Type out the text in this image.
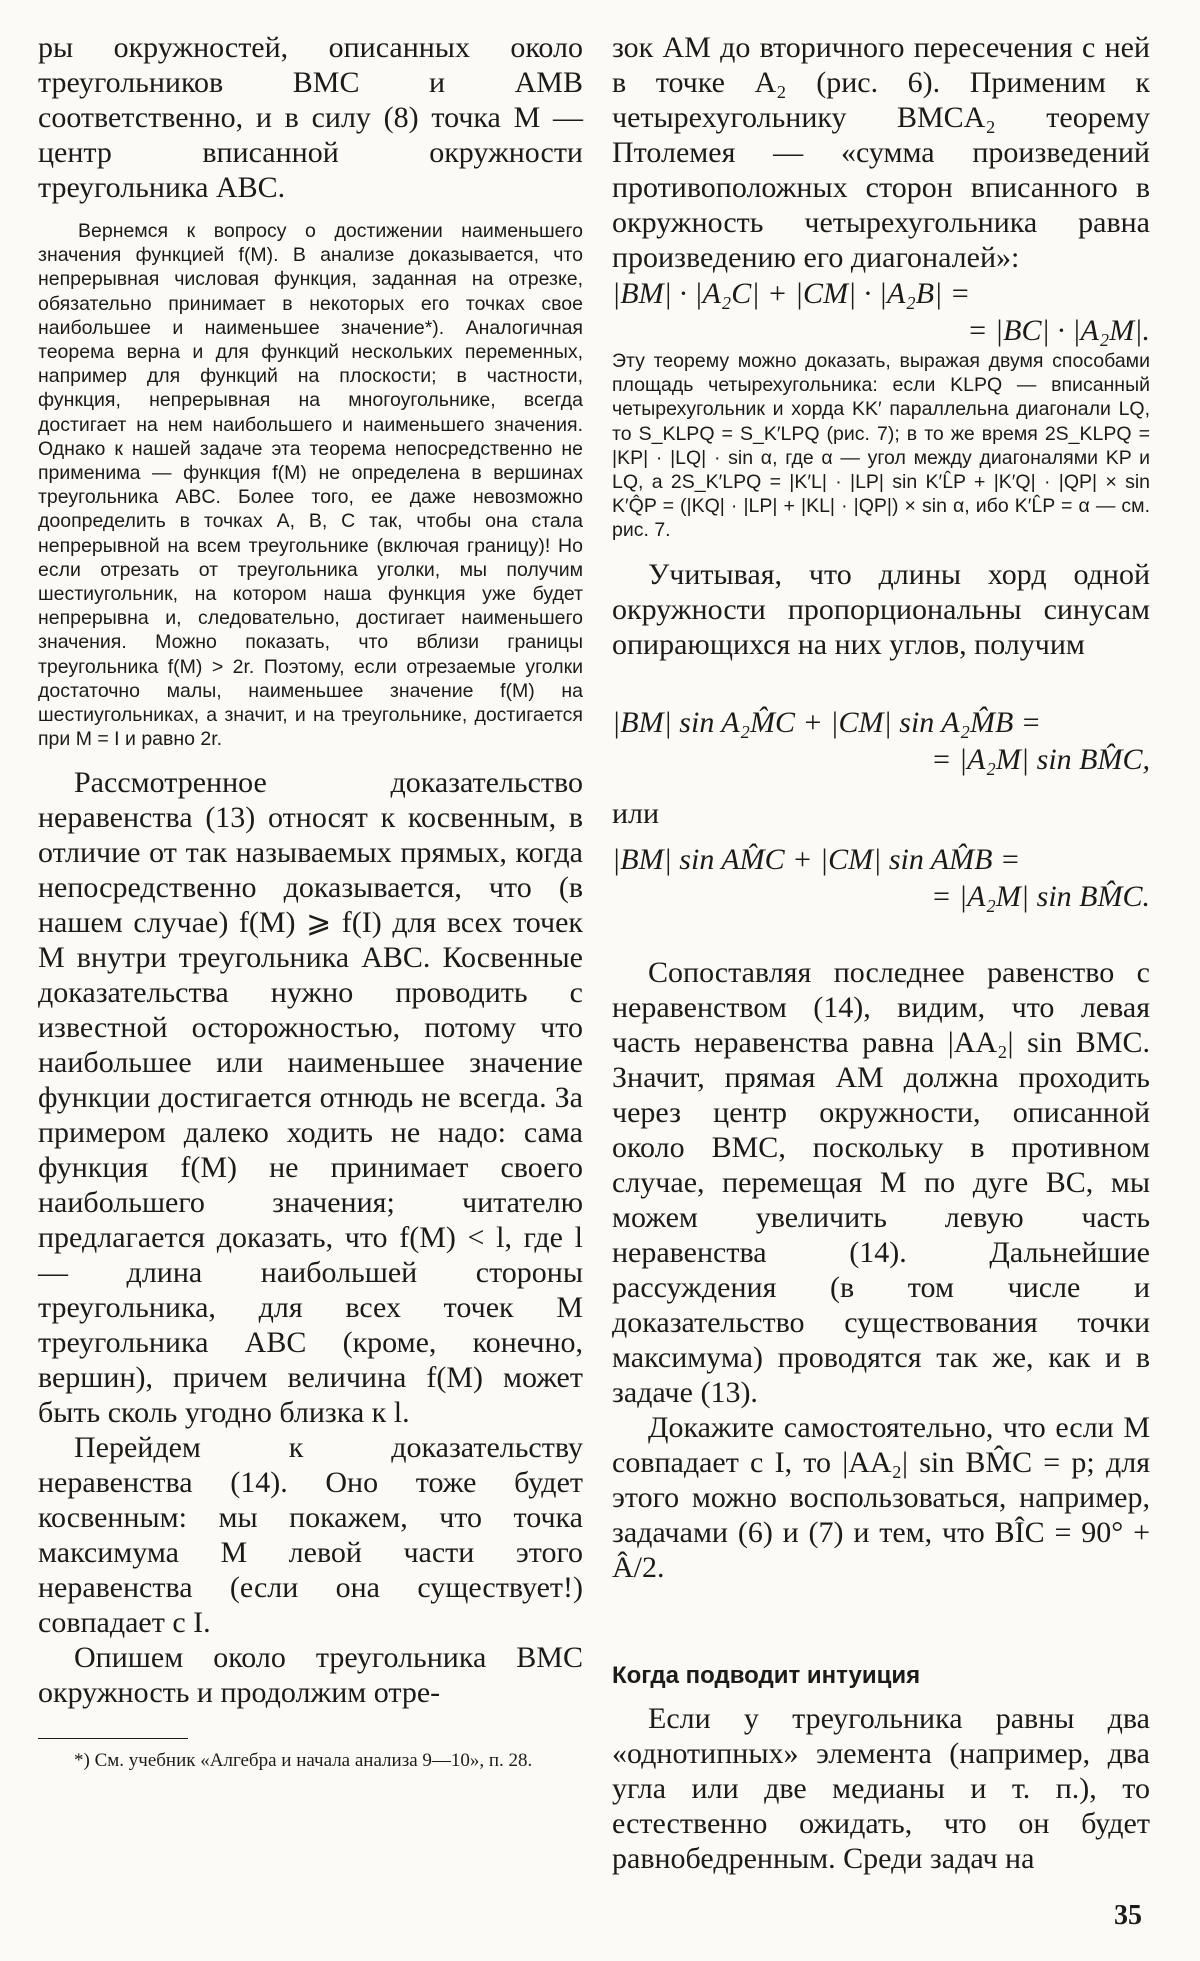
ры окружностей, описанных около треугольников BMC и AMB соответственно, и в силу (8) точка M — центр вписанной окружности треугольника ABC.

Вернемся к вопросу о достижении наименьшего значения функцией f(M). В анализе доказывается, что непрерывная числовая функция, заданная на отрезке, обязательно принимает в некоторых его точках свое наибольшее и наименьшее значение*). Аналогичная теорема верна и для функций нескольких переменных, например для функций на плоскости; в частности, функция, непрерывная на многоугольнике, всегда достигает на нем наибольшего и наименьшего значения. Однако к нашей задаче эта теорема непосредственно не применима — функция f(M) не определена в вершинах треугольника ABC. Более того, ее даже невозможно доопределить в точках A, B, C так, чтобы она стала непрерывной на всем треугольнике (включая границу)! Но если отрезать от треугольника уголки, мы получим шестиугольник, на котором наша функция уже будет непрерывна и, следовательно, достигает наименьшего значения. Можно показать, что вблизи границы треугольника f(M) > 2r. Поэтому, если отрезаемые уголки достаточно малы, наименьшее значение f(M) на шестиугольниках, а значит, и на треугольнике, достигается при M = I и равно 2r.

Рассмотренное доказательство неравенства (13) относят к косвенным, в отличие от так называемых прямых, когда непосредственно доказывается, что (в нашем случае) f(M) ⩾ f(I) для всех точек M внутри треугольника ABC. Косвенные доказательства нужно проводить с известной осторожностью, потому что наибольшее или наименьшее значение функции достигается отнюдь не всегда. За примером далеко ходить не надо: сама функция f(M) не принимает своего наибольшего значения; читателю предлагается доказать, что f(M) < l, где l — длина наибольшей стороны треугольника, для всех точек M треугольника ABC (кроме, конечно, вершин), причем величина f(M) может быть сколь угодно близка к l.

Перейдем к доказательству неравенства (14). Оно тоже будет косвенным: мы покажем, что точка максимума M левой части этого неравенства (если она существует!) совпадает с I.

Опишем около треугольника BMC окружность и продолжим отре-

*) См. учебник «Алгебра и начала анализа 9—10», п. 28.

зок AM до вторичного пересечения с ней в точке A₂ (рис. 6). Применим к четырехугольнику BMCA₂ теорему Птолемея — «сумма произведений противоположных сторон вписанного в окружность четырехугольника равна произведению его диагоналей»:

|BM| · |A₂C| + |CM| · |A₂B| =
= |BC| · |A₂M|.

Эту теорему можно доказать, выражая двумя способами площадь четырехугольника: если KLPQ — вписанный четырехугольник и хорда KK′ параллельна диагонали LQ, то S_KLPQ = S_K′LPQ (рис. 7); в то же время 2S_KLPQ = |KP| · |LQ| · sin α, где α — угол между диагоналями KP и LQ, а 2S_K′LPQ = |K′L| · |LP| sin K′L̂P + |K′Q| · |QP| × sin K′Q̂P = (|KQ| · |LP| + |KL| · |QP|) × sin α, ибо K′L̂P = α — см. рис. 7.

Учитывая, что длины хорд одной окружности пропорциональны синусам опирающихся на них углов, получим

|BM| sin A₂M̂C + |CM| sin A₂M̂B =
= |A₂M| sin BM̂C,
или
|BM| sin AM̂C + |CM| sin AM̂B =
= |A₂M| sin BM̂C.

Сопоставляя последнее равенство с неравенством (14), видим, что левая часть неравенства равна |AA₂| sin BMC. Значит, прямая AM должна проходить через центр окружности, описанной около BMC, поскольку в противном случае, перемещая M по дуге BC, мы можем увеличить левую часть неравенства (14). Дальнейшие рассуждения (в том числе и доказательство существования точки максимума) проводятся так же, как и в задаче (13).

Докажите самостоятельно, что если M совпадает с I, то |AA₂| sin BM̂C = p; для этого можно воспользоваться, например, задачами (6) и (7) и тем, что BÎC = 90° + Â/2.

Когда подводит интуиция

Если у треугольника равны два «однотипных» элемента (например, два угла или две медианы и т. п.), то естественно ожидать, что он будет равнобедренным. Среди задач на

35
